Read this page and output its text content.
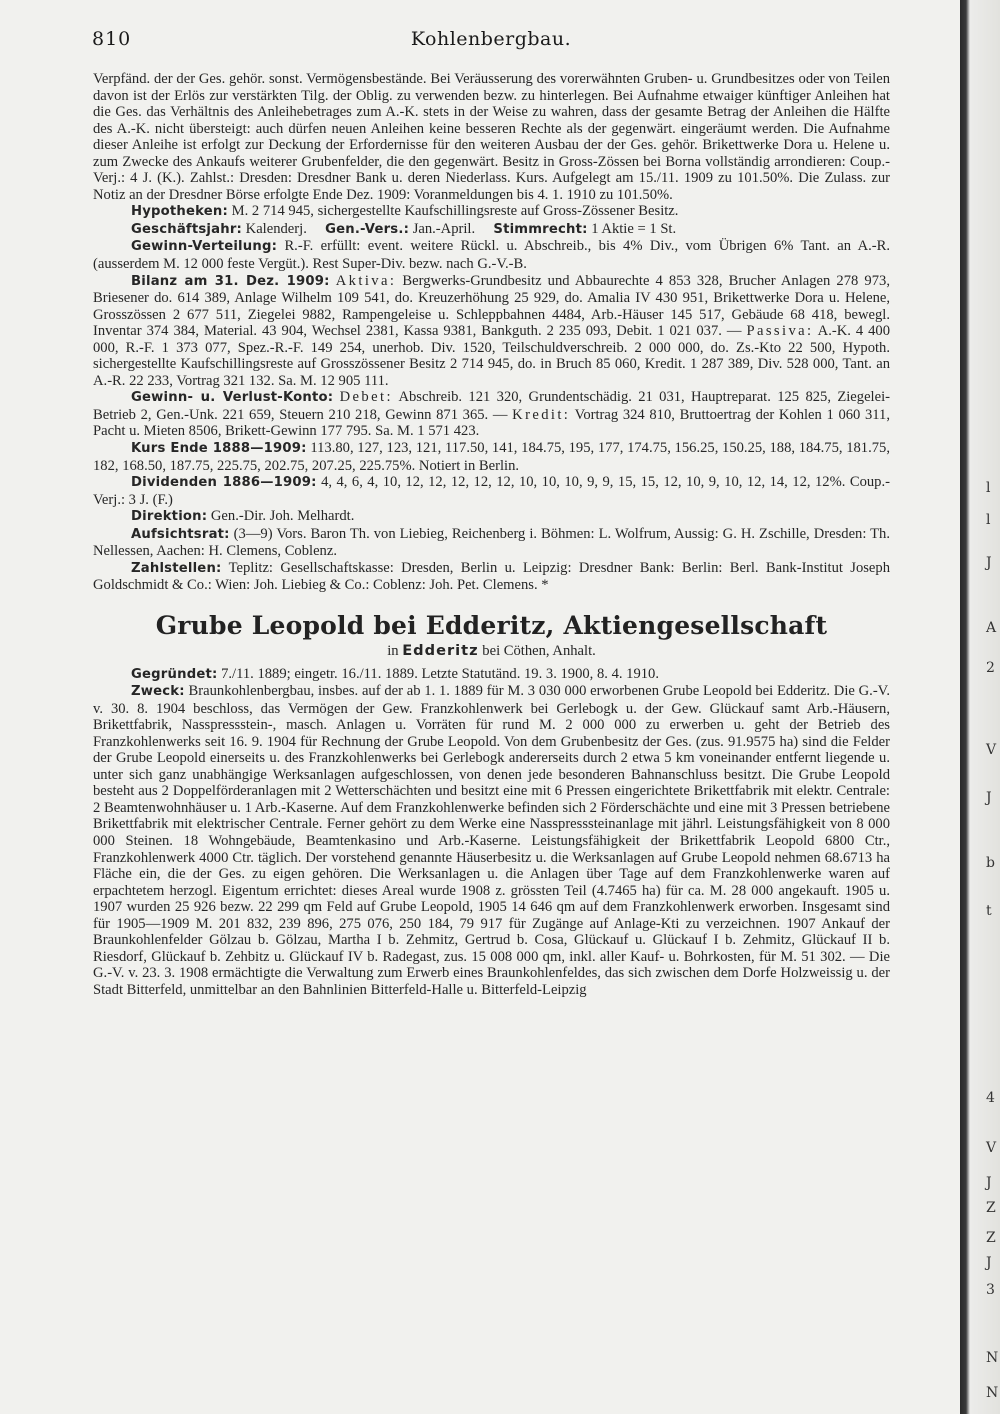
810	Kohlenbergbau.

Verpfänd. der der Ges. gehör. sonst. Vermögensbestände. Bei Veräusserung des vorerwähnten Gruben- u. Grundbesitzes oder von Teilen davon ist der Erlös zur verstärkten Tilg. der Oblig. zu verwenden bezw. zu hinterlegen. Bei Aufnahme etwaiger künftiger Anleihen hat die Ges. das Verhältnis des Anleihebetrages zum A.-K. stets in der Weise zu wahren, dass der gesamte Betrag der Anleihen die Hälfte des A.-K. nicht übersteigt: auch dürfen neuen Anleihen keine besseren Rechte als der gegenwärt. eingeräumt werden. Die Aufnahme dieser Anleihe ist erfolgt zur Deckung der Erfordernisse für den weiteren Ausbau der der Ges. gehör. Brikettwerke Dora u. Helene u. zum Zwecke des Ankaufs weiterer Grubenfelder, die den gegenwärt. Besitz in Gross-Zössen bei Borna vollständig arrondieren: Coup.-Verj.: 4 J. (K.). Zahlst.: Dresden: Dresdner Bank u. deren Niederlass. Kurs. Aufgelegt am 15./11. 1909 zu 101.50%. Die Zulass. zur Notiz an der Dresdner Börse erfolgte Ende Dez. 1909: Voranmeldungen bis 4. 1. 1910 zu 101.50%.

Hypotheken: M. 2 714 945, sichergestellte Kaufschillingsreste auf Gross-Zössener Besitz.

Geschäftsjahr: Kalenderj. Gen.-Vers.: Jan.-April. Stimmrecht: 1 Aktie = 1 St.

Gewinn-Verteilung: R.-F. erfüllt: event. weitere Rückl. u. Abschreib., bis 4% Div., vom Übrigen 6% Tant. an A.-R. (ausserdem M. 12 000 feste Vergüt.). Rest Super-Div. bezw. nach G.-V.-B.

Bilanz am 31. Dez. 1909: Aktiva: Bergwerks-Grundbesitz und Abbaurechte 4 853 328, Brucher Anlagen 278 973, Briesener do. 614 389, Anlage Wilhelm 109 541, do. Kreuzerhöhung 25 929, do. Amalia IV 430 951, Brikettwerke Dora u. Helene, Grosszössen 2 677 511, Ziegelei 9882, Rampengeleise u. Schleppbahnen 4484, Arb.-Häuser 145 517, Gebäude 68 418, bewegl. Inventar 374 384, Material. 43 904, Wechsel 2381, Kassa 9381, Bankguth. 2 235 093, Debit. 1 021 037. — Passiva: A.-K. 4 400 000, R.-F. 1 373 077, Spez.-R.-F. 149 254, unerhob. Div. 1520, Teilschuldverschreib. 2 000 000, do. Zs.-Kto 22 500, Hypoth. sichergestellte Kaufschillingsreste auf Grosszössener Besitz 2 714 945, do. in Bruch 85 060, Kredit. 1 287 389, Div. 528 000, Tant. an A.-R. 22 233, Vortrag 321 132. Sa. M. 12 905 111.

Gewinn- u. Verlust-Konto: Debet: Abschreib. 121 320, Grundentschädig. 21 031, Hauptreparat. 125 825, Ziegelei-Betrieb 2, Gen.-Unk. 221 659, Steuern 210 218, Gewinn 871 365. — Kredit: Vortrag 324 810, Bruttoertrag der Kohlen 1 060 311, Pacht u. Mieten 8506, Brikett-Gewinn 177 795. Sa. M. 1 571 423.

Kurs Ende 1888—1909: 113.80, 127, 123, 121, 117.50, 141, 184.75, 195, 177, 174.75, 156.25, 150.25, 188, 184.75, 181.75, 182, 168.50, 187.75, 225.75, 202.75, 207.25, 225.75%. Notiert in Berlin.

Dividenden 1886—1909: 4, 4, 6, 4, 10, 12, 12, 12, 12, 12, 10, 10, 10, 9, 9, 15, 15, 12, 10, 9, 10, 12, 14, 12, 12%. Coup.-Verj.: 3 J. (F.)

Direktion: Gen.-Dir. Joh. Melhardt.

Aufsichtsrat: (3—9) Vors. Baron Th. von Liebieg, Reichenberg i. Böhmen: L. Wolfrum, Aussig: G. H. Zschille, Dresden: Th. Nellessen, Aachen: H. Clemens, Coblenz.

Zahlstellen: Teplitz: Gesellschaftskasse: Dresden, Berlin u. Leipzig: Dresdner Bank: Berlin: Berl. Bank-Institut Joseph Goldschmidt & Co.: Wien: Joh. Liebieg & Co.: Coblenz: Joh. Pet. Clemens. *

Grube Leopold bei Edderitz, Aktiengesellschaft
in Edderitz bei Cöthen, Anhalt.

Gegründet: 7./11. 1889; eingetr. 16./11. 1889. Letzte Statutänd. 19. 3. 1900, 8. 4. 1910.

Zweck: Braunkohlenbergbau, insbes. auf der ab 1. 1. 1889 für M. 3 030 000 erworbenen Grube Leopold bei Edderitz. Die G.-V. v. 30. 8. 1904 beschloss, das Vermögen der Gew. Franzkohlenwerk bei Gerlebogk u. der Gew. Glückauf samt Arb.-Häusern, Brikettfabrik, Nasspressstein-, masch. Anlagen u. Vorräten für rund M. 2 000 000 zu erwerben u. geht der Betrieb des Franzkohlenwerks seit 16. 9. 1904 für Rechnung der Grube Leopold. Von dem Grubenbesitz der Ges. (zus. 91.9575 ha) sind die Felder der Grube Leopold einerseits u. des Franzkohlenwerks bei Gerlebogk andererseits durch 2 etwa 5 km voneinander entfernt liegende u. unter sich ganz unabhängige Werksanlagen aufgeschlossen, von denen jede besonderen Bahnanschluss besitzt. Die Grube Leopold besteht aus 2 Doppelförderanlagen mit 2 Wetterschächten und besitzt eine mit 6 Pressen eingerichtete Brikettfabrik mit elektr. Centrale: 2 Beamtenwohnhäuser u. 1 Arb.-Kaserne. Auf dem Franzkohlenwerke befinden sich 2 Förderschächte und eine mit 3 Pressen betriebene Brikettfabrik mit elektrischer Centrale. Ferner gehört zu dem Werke eine Nasspresssteinanlage mit jährl. Leistungsfähigkeit von 8 000 000 Steinen. 18 Wohngebäude, Beamtenkasino und Arb.-Kaserne. Leistungsfähigkeit der Brikettfabrik Leopold 6800 Ctr., Franzkohlenwerk 4000 Ctr. täglich. Der vorstehend genannte Häuserbesitz u. die Werksanlagen auf Grube Leopold nehmen 68.6713 ha Fläche ein, die der Ges. zu eigen gehören. Die Werksanlagen u. die Anlagen über Tage auf dem Franzkohlenwerke waren auf erpachtetem herzogl. Eigentum errichtet: dieses Areal wurde 1908 z. grössten Teil (4.7465 ha) für ca. M. 28 000 angekauft. 1905 u. 1907 wurden 25 926 bezw. 22 299 qm Feld auf Grube Leopold, 1905 14 646 qm auf dem Franzkohlenwerk erworben. Insgesamt sind für 1905—1909 M. 201 832, 239 896, 275 076, 250 184, 79 917 für Zugänge auf Anlage-Kti zu verzeichnen. 1907 Ankauf der Braunkohlenfelder Gölzau b. Gölzau, Martha I b. Zehmitz, Gertrud b. Cosa, Glückauf u. Glückauf I b. Zehmitz, Glückauf II b. Riesdorf, Glückauf b. Zehbitz u. Glückauf IV b. Radegast, zus. 15 008 000 qm, inkl. aller Kauf- u. Bohrkosten, für M. 51 302. — Die G.-V. v. 23. 3. 1908 ermächtigte die Verwaltung zum Erwerb eines Braunkohlenfeldes, das sich zwischen dem Dorfe Holzweissig u. der Stadt Bitterfeld, unmittelbar an den Bahnlinien Bitterfeld-Halle u. Bitterfeld-Leipzig

l
l
J
A
2
V
J
b
t
4
V
J
Z
Z
J
3
N
N
